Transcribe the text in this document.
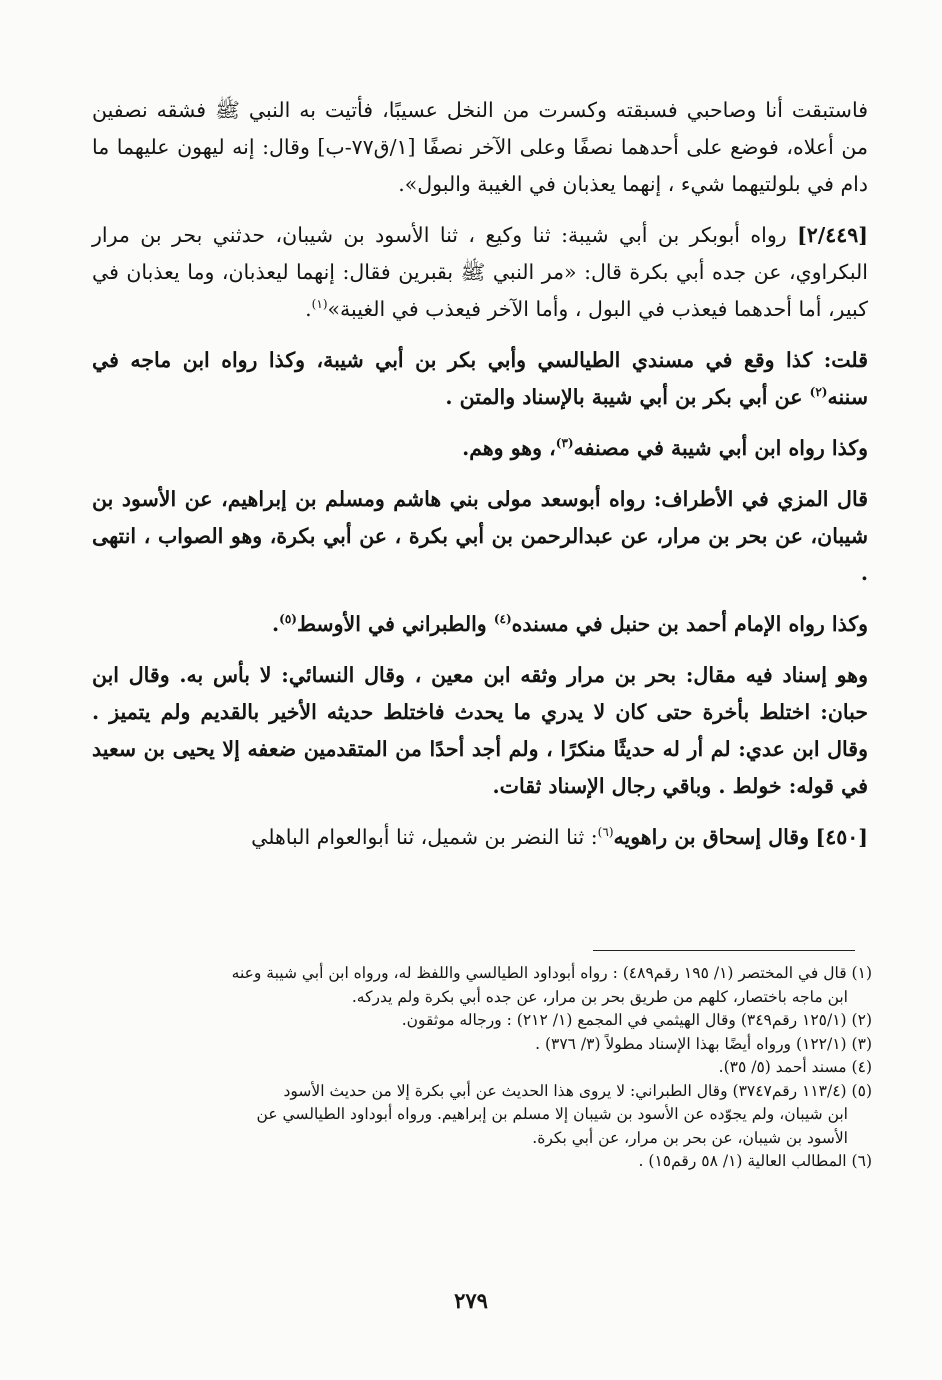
فاستبقت أنا وصاحبي فسبقته وكسرت من النخل عسيبًا، فأتيت به النبي ﷺ فشقه نصفين من أعلاه، فوضع على أحدهما نصفًا وعلى الآخر نصفًا [١/ق٧٧-ب] وقال: إنه ليهون عليهما ما دام في بلولتيهما شيء ، إنهما يعذبان في الغيبة والبول».

[٢/٤٤٩] رواه أبوبكر بن أبي شيبة: ثنا وكيع ، ثنا الأسود بن شيبان، حدثني بحر بن مرار البكراوي، عن جده أبي بكرة قال: «مر النبي ﷺ بقبرين فقال: إنهما ليعذبان، وما يعذبان في كبير، أما أحدهما فيعذب في البول ، وأما الآخر فيعذب في الغيبة»$^{(١)}$.

قلت: كذا وقع في مسندي الطيالسي وأبي بكر بن أبي شيبة، وكذا رواه ابن ماجه في سننه$^{(٢)}$ عن أبي بكر بن أبي شيبة بالإسناد والمتن .

وكذا رواه ابن أبي شيبة في مصنفه$^{(٣)}$، وهو وهم.

قال المزي في الأطراف: رواه أبوسعد مولى بني هاشم ومسلم بن إبراهيم، عن الأسود بن شيبان، عن بحر بن مرار، عن عبدالرحمن بن أبي بكرة ، عن أبي بكرة، وهو الصواب ، انتهى .

وكذا رواه الإمام أحمد بن حنبل في مسنده$^{(٤)}$ والطبراني في الأوسط$^{(٥)}$.

وهو إسناد فيه مقال: بحر بن مرار وثقه ابن معين ، وقال النسائي: لا بأس به. وقال ابن حبان: اختلط بأخرة حتى كان لا يدري ما يحدث فاختلط حديثه الأخير بالقديم ولم يتميز . وقال ابن عدي: لم أر له حديثًا منكرًا ، ولم أجد أحدًا من المتقدمين ضعفه إلا يحيى بن سعيد في قوله: خولط . وباقي رجال الإسناد ثقات.

[٤٥٠] وقال إسحاق بن راهويه$^{(٦)}$: ثنا النضر بن شميل، ثنا أبوالعوام الباهلي

(١) قال في المختصر (١/ ١٩٥ رقم٤٨٩) : رواه أبوداود الطيالسي واللفظ له، ورواه ابن أبي شيبة وعنه
ابن ماجه باختصار، كلهم من طريق بحر بن مرار، عن جده أبي بكرة ولم يدركه.

(٢) (١٢٥/١ رقم٣٤٩) وقال الهيثمي في المجمع (١/ ٢١٢) : ورجاله موثقون.

(٣) (١٢٢/١) ورواه أيضًا بهذا الإسناد مطولاً (٣/ ٣٧٦) .

(٤) مسند أحمد (٥/ ٣٥).

(٥) (١١٣/٤ رقم٣٧٤٧) وقال الطبراني: لا يروى هذا الحديث عن أبي بكرة إلا من حديث الأسود
ابن شيبان، ولم يجوّده عن الأسود بن شيبان إلا مسلم بن إبراهيم. ورواه أبوداود الطيالسي عن
الأسود بن شيبان، عن بحر بن مرار، عن أبي بكرة.

(٦) المطالب العالية (١/ ٥٨ رقم١٥) .

٢٧٩
